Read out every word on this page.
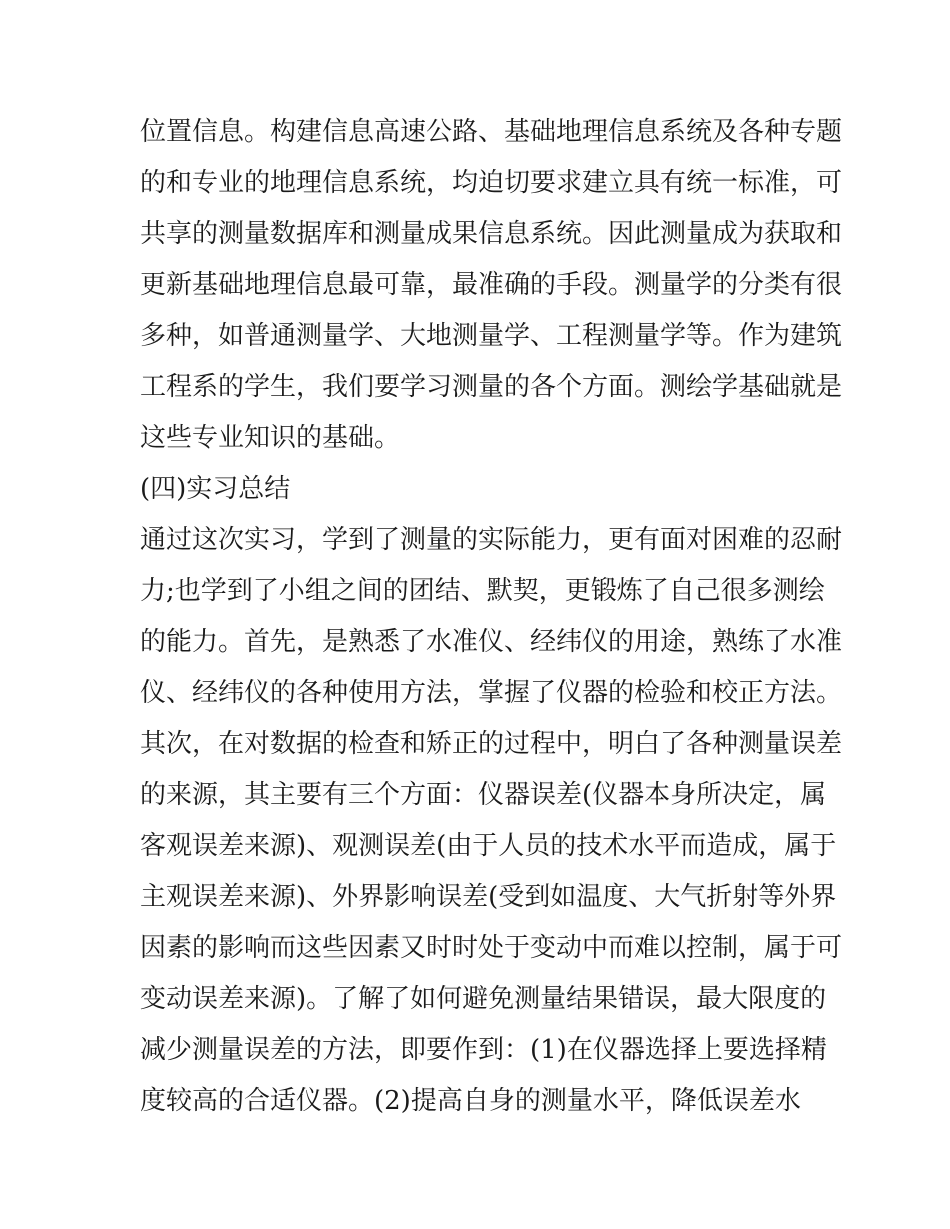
位置信息。构建信息高速公路、基础地理信息系统及各种专题
的和专业的地理信息系统，均迫切要求建立具有统一标准，可
共享的测量数据库和测量成果信息系统。因此测量成为获取和
更新基础地理信息最可靠，最准确的手段。测量学的分类有很
多种，如普通测量学、大地测量学、工程测量学等。作为建筑
工程系的学生，我们要学习测量的各个方面。测绘学基础就是
这些专业知识的基础。
(四)实习总结
通过这次实习，学到了测量的实际能力，更有面对困难的忍耐
力;也学到了小组之间的团结、默契，更锻炼了自己很多测绘
的能力。首先，是熟悉了水准仪、经纬仪的用途，熟练了水准
仪、经纬仪的各种使用方法，掌握了仪器的检验和校正方法。
其次，在对数据的检查和矫正的过程中，明白了各种测量误差
的来源，其主要有三个方面：仪器误差(仪器本身所决定，属
客观误差来源)、观测误差(由于人员的技术水平而造成，属于
主观误差来源)、外界影响误差(受到如温度、大气折射等外界
因素的影响而这些因素又时时处于变动中而难以控制，属于可
变动误差来源)。了解了如何避免测量结果错误，最大限度的
减少测量误差的方法，即要作到：(1)在仪器选择上要选择精
度较高的合适仪器。(2)提高自身的测量水平，降低误差水
